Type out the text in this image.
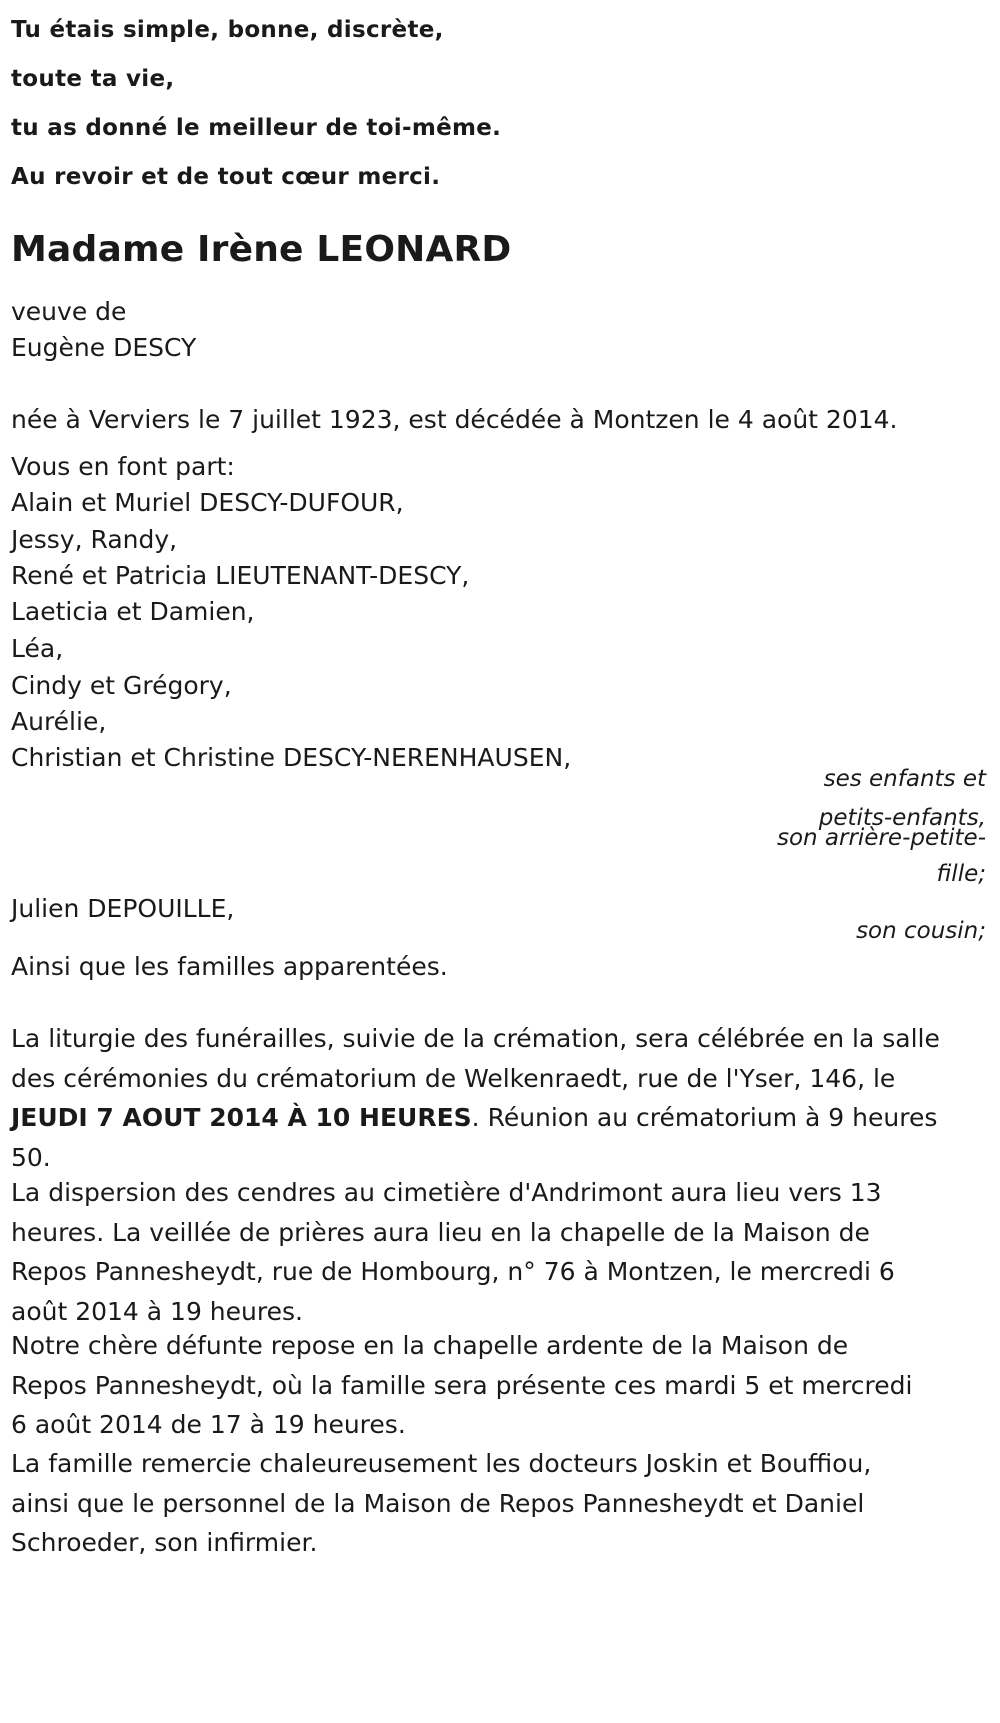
Tu étais simple, bonne, discrète,
toute ta vie,
tu as donné le meilleur de toi-même.
Au revoir et de tout cœur merci.
Madame Irène LEONARD
veuve de
Eugène DESCY
née à Verviers le 7 juillet 1923, est décédée à Montzen le 4 août 2014.
Vous en font part:
Alain et Muriel DESCY-DUFOUR,
Jessy, Randy,
René et Patricia LIEUTENANT-DESCY,
Laeticia et Damien,
Léa,
Cindy et Grégory,
Aurélie,
Christian et Christine DESCY-NERENHAUSEN,
ses enfants et
petits-enfants,
son arrière-petite-
fille;
Julien DEPOUILLE,
son cousin;
Ainsi que les familles apparentées.
La liturgie des funérailles, suivie de la crémation, sera célébrée en la salle
des cérémonies du crématorium de Welkenraedt, rue de l'Yser, 146, le
JEUDI 7 AOUT 2014 À 10 HEURES. Réunion au crématorium à 9 heures
50.
La dispersion des cendres au cimetière d'Andrimont aura lieu vers 13
heures. La veillée de prières aura lieu en la chapelle de la Maison de
Repos Pannesheydt, rue de Hombourg, n° 76 à Montzen, le mercredi 6
août 2014 à 19 heures.
Notre chère défunte repose en la chapelle ardente de la Maison de
Repos Pannesheydt, où la famille sera présente ces mardi 5 et mercredi
6 août 2014 de 17 à 19 heures.
La famille remercie chaleureusement les docteurs Joskin et Bouffiou,
ainsi que le personnel de la Maison de Repos Pannesheydt et Daniel
Schroeder, son infirmier.
